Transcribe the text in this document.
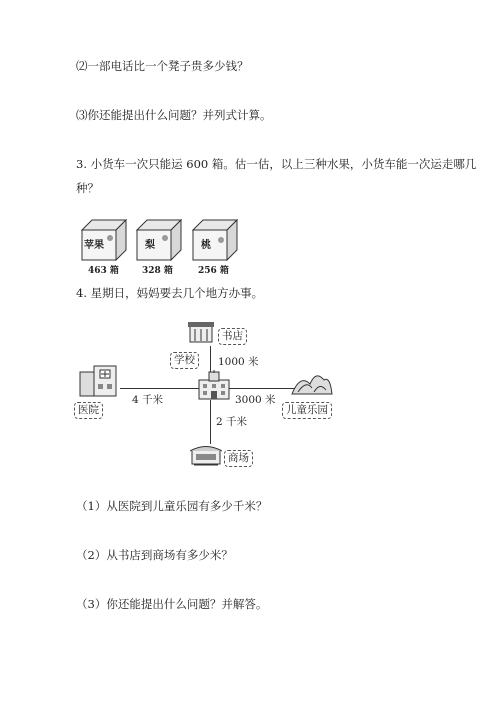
⑵一部电话比一个凳子贵多少钱？
⑶你还能提出什么问题？并列式计算。
3. 小货车一次只能运 600 箱。估一估，以上三种水果，小货车能一次运走哪几
种？
苹果
463 箱
梨
328 箱
桃
256 箱
4. 星期日，妈妈要去几个地方办事。
书店
学校	1000 米
医院
4 千米
儿童乐园
3000 米
2 千米
商场
（1）从医院到儿童乐园有多少千米？
（2）从书店到商场有多少米？
（3）你还能提出什么问题？并解答。
